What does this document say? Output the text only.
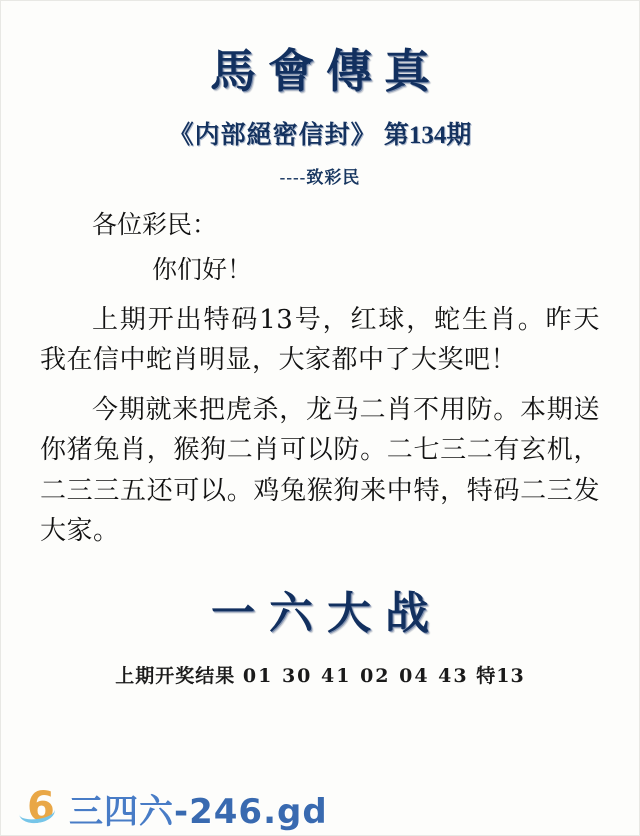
馬會傳真
《内部絕密信封》 第134期
----致彩民
各位彩民：
你们好！
上期开出特码13号，红球，蛇生肖。昨天我在信中蛇肖明显，大家都中了大奖吧！
今期就来把虎杀，龙马二肖不用防。本期送你猪兔肖，猴狗二肖可以防。二七三二有玄机，二三三五还可以。鸡兔猴狗来中特，特码二三发大家。
一六大战
上期开奖结果 01 30 41 02 04 43 特13
6 三四六-246.gd
